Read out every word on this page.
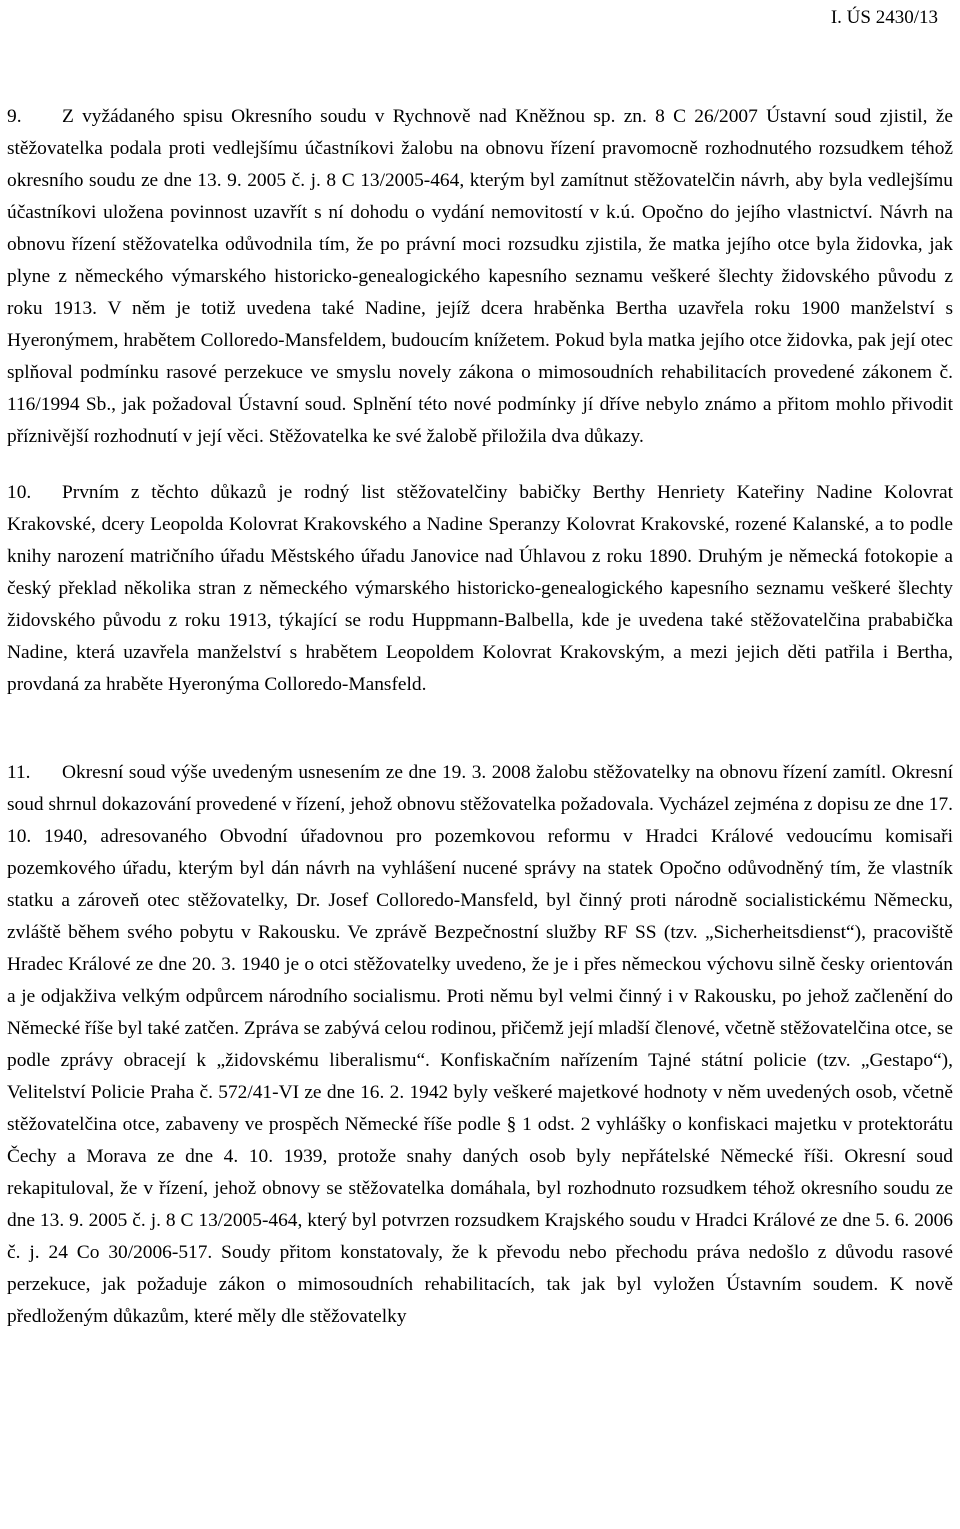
I. ÚS 2430/13

9. Z vyžádaného spisu Okresního soudu v Rychnově nad Kněžnou sp. zn. 8 C 26/2007 Ústavní soud zjistil, že stěžovatelka podala proti vedlejšímu účastníkovi žalobu na obnovu řízení pravomocně rozhodnutého rozsudkem téhož okresního soudu ze dne 13. 9. 2005 č. j. 8 C 13/2005-464, kterým byl zamítnut stěžovatelčin návrh, aby byla vedlejšímu účastníkovi uložena povinnost uzavřít s ní dohodu o vydání nemovitostí v k.ú. Opočno do jejího vlastnictví. Návrh na obnovu řízení stěžovatelka odůvodnila tím, že po právní moci rozsudku zjistila, že matka jejího otce byla židovka, jak plyne z německého výmarského historicko-genealogického kapesního seznamu veškeré šlechty židovského původu z roku 1913. V něm je totiž uvedena také Nadine, jejíž dcera hraběnka Bertha uzavřela roku 1900 manželství s Hyeronýmem, hrabětem Colloredo-Mansfeldem, budoucím knížetem. Pokud byla matka jejího otce židovka, pak její otec splňoval podmínku rasové perzekuce ve smyslu novely zákona o mimosoudních rehabilitacích provedené zákonem č. 116/1994 Sb., jak požadoval Ústavní soud. Splnění této nové podmínky jí dříve nebylo známo a přitom mohlo přivodit příznivější rozhodnutí v její věci. Stěžovatelka ke své žalobě přiložila dva důkazy.

10. Prvním z těchto důkazů je rodný list stěžovatelčiny babičky Berthy Henriety Kateřiny Nadine Kolovrat Krakovské, dcery Leopolda Kolovrat Krakovského a Nadine Speranzy Kolovrat Krakovské, rozené Kalanské, a to podle knihy narození matričního úřadu Městského úřadu Janovice nad Úhlavou z roku 1890. Druhým je německá fotokopie a český překlad několika stran z německého výmarského historicko-genealogického kapesního seznamu veškeré šlechty židovského původu z roku 1913, týkající se rodu Huppmann-Balbella, kde je uvedena také stěžovatelčina prababička Nadine, která uzavřela manželství s hrabětem Leopoldem Kolovrat Krakovským, a mezi jejich děti patřila i Bertha, provdaná za hraběte Hyeronýma Colloredo-Mansfeld.

11. Okresní soud výše uvedeným usnesením ze dne 19. 3. 2008 žalobu stěžovatelky na obnovu řízení zamítl. Okresní soud shrnul dokazování provedené v řízení, jehož obnovu stěžovatelka požadovala. Vycházel zejména z dopisu ze dne 17. 10. 1940, adresovaného Obvodní úřadovnou pro pozemkovou reformu v Hradci Králové vedoucímu komisaři pozemkového úřadu, kterým byl dán návrh na vyhlášení nucené správy na statek Opočno odůvodněný tím, že vlastník statku a zároveň otec stěžovatelky, Dr. Josef Colloredo-Mansfeld, byl činný proti národně socialistickému Německu, zvláště během svého pobytu v Rakousku. Ve zprávě Bezpečnostní služby RF SS (tzv. „Sicherheitsdienst“), pracoviště Hradec Králové ze dne 20. 3. 1940 je o otci stěžovatelky uvedeno, že je i přes německou výchovu silně česky orientován a je odjakživa velkým odpůrcem národního socialismu. Proti němu byl velmi činný i v Rakousku, po jehož začlenění do Německé říše byl také zatčen. Zpráva se zabývá celou rodinou, přičemž její mladší členové, včetně stěžovatelčina otce, se podle zprávy obracejí k „židovskému liberalismu“. Konfiskačním nařízením Tajné státní policie (tzv. „Gestapo“), Velitelství Policie Praha č. 572/41-VI ze dne 16. 2. 1942 byly veškeré majetkové hodnoty v něm uvedených osob, včetně stěžovatelčina otce, zabaveny ve prospěch Německé říše podle § 1 odst. 2 vyhlášky o konfiskaci majetku v protektorátu Čechy a Morava ze dne 4. 10. 1939, protože snahy daných osob byly nepřátelské Německé říši. Okresní soud rekapituloval, že v řízení, jehož obnovy se stěžovatelka domáhala, byl rozhodnuto rozsudkem téhož okresního soudu ze dne 13. 9. 2005 č. j. 8 C 13/2005-464, který byl potvrzen rozsudkem Krajského soudu v Hradci Králové ze dne 5. 6. 2006 č. j. 24 Co 30/2006-517. Soudy přitom konstatovaly, že k převodu nebo přechodu práva nedošlo z důvodu rasové perzekuce, jak požaduje zákon o mimosoudních rehabilitacích, tak jak byl vyložen Ústavním soudem. K nově předloženým důkazům, které měly dle stěžovatelky
